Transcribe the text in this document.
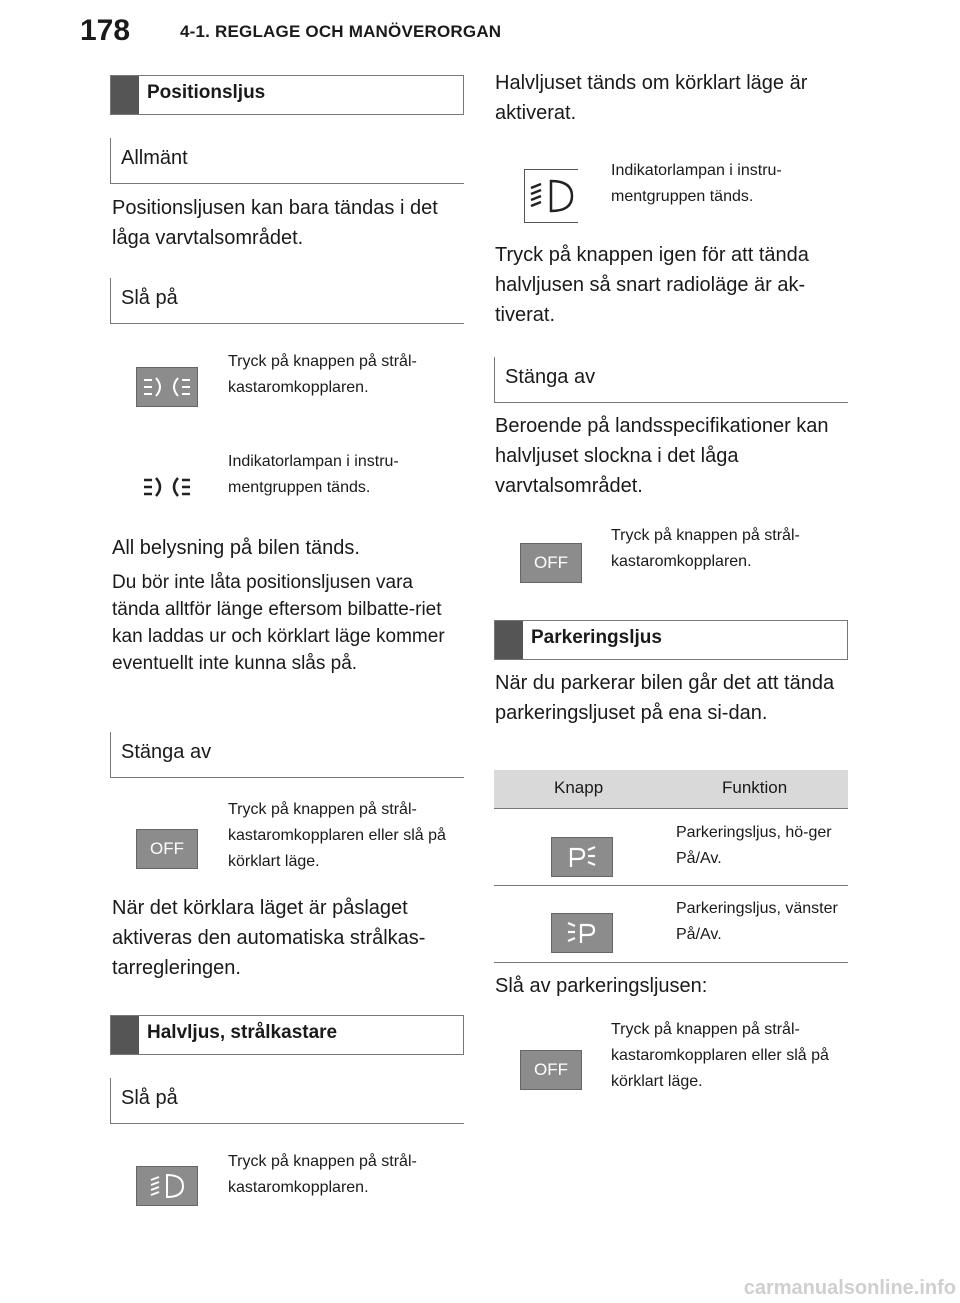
178	4-1. REGLAGE OCH MANÖVERORGAN
Positionsljus
Allmänt
Positionsljusen kan bara tändas i det låga varvtalsområdet.
Slå på
Tryck på knappen på strål-kastaromkopplaren.
Indikatorlampan i instru-mentgruppen tänds.
All belysning på bilen tänds.
Du bör inte låta positionsljusen vara tända alltför länge eftersom bilbatte-riet kan laddas ur och körklart läge kommer eventuellt inte kunna slås på.
Stänga av
OFF
Tryck på knappen på strål-kastaromkopplaren eller slå på körklart läge.
När det körklara läget är påslaget aktiveras den automatiska strålkas-tarregleringen.
Halvljus, strålkastare
Slå på
Tryck på knappen på strål-kastaromkopplaren.
Halvljuset tänds om körklart läge är aktiverat.
Indikatorlampan i instru-mentgruppen tänds.
Tryck på knappen igen för att tända halvljusen så snart radioläge är ak-tiverat.
Stänga av
Beroende på landsspecifikationer kan halvljuset slockna i det låga varvtalsområdet.
OFF
Tryck på knappen på strål-kastaromkopplaren.
Parkeringsljus
När du parkerar bilen går det att tända parkeringsljuset på ena si-dan.
Knapp	Funktion
Parkeringsljus, hö-ger På/Av.
Parkeringsljus, vänster På/Av.
Slå av parkeringsljusen:
OFF
Tryck på knappen på strål-kastaromkopplaren eller slå på körklart läge.
carmanualsonline.info
